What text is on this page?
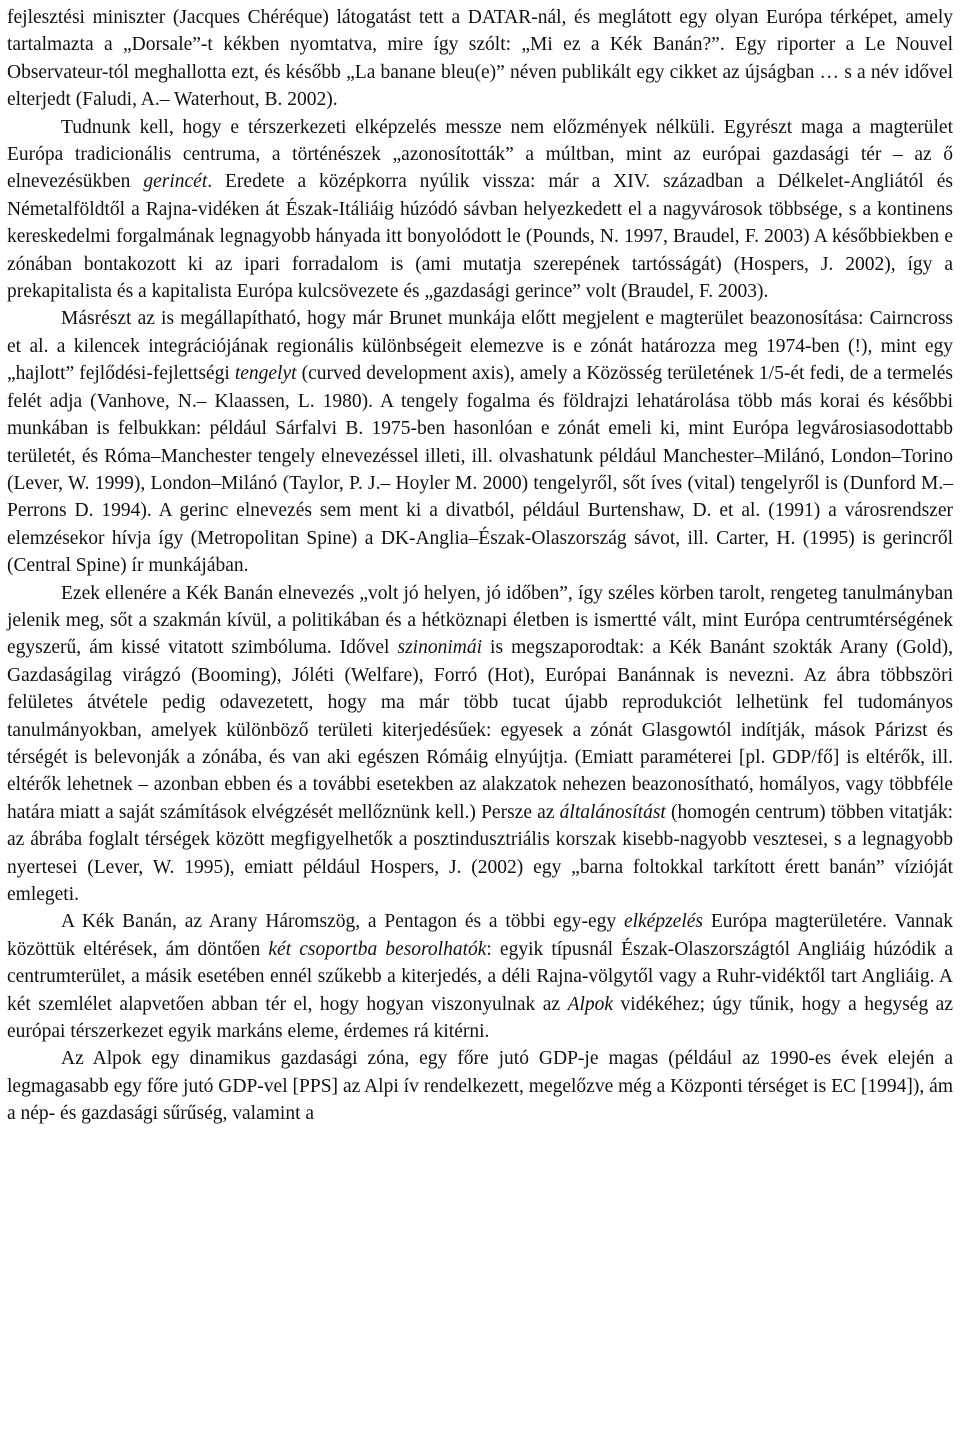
fejlesztési miniszter (Jacques Chéréque) látogatást tett a DATAR-nál, és meglátott egy olyan Európa térképet, amely tartalmazta a „Dorsale”-t kékben nyomtatva, mire így szólt: „Mi ez a Kék Banán?”. Egy riporter a Le Nouvel Observateur-tól meghallotta ezt, és később „La banane bleu(e)” néven publikált egy cikket az újságban … s a név idővel elterjedt (Faludi, A.– Waterhout, B. 2002).

Tudnunk kell, hogy e térszerkezeti elképzelés messze nem előzmények nélküli. Egyrészt maga a magterület Európa tradicionális centruma, a történészek „azonosították” a múltban, mint az európai gazdasági tér – az ő elnevezésükben gerincét. Eredete a középkorra nyúlik vissza: már a XIV. században a Délkelet-Angliától és Németalföldtől a Rajna-vidéken át Észak-Itáliáig húzódó sávban helyezkedett el a nagyvárosok többsége, s a kontinens kereskedelmi forgalmának legnagyobb hányada itt bonyolódott le (Pounds, N. 1997, Braudel, F. 2003) A későbbiekben e zónában bontakozott ki az ipari forradalom is (ami mutatja szerepének tartósságát) (Hospers, J. 2002), így a prekapitalista és a kapitalista Európa kulcsövezete és „gazdasági gerince” volt (Braudel, F. 2003).

Másrészt az is megállapítható, hogy már Brunet munkája előtt megjelent e magterület beazonosítása: Cairncross et al. a kilencek integrációjának regionális különbségeit elemezve is e zónát határozza meg 1974-ben (!), mint egy „hajlott” fejlődési-fejlettségi tengelyt (curved development axis), amely a Közösség területének 1/5-ét fedi, de a termelés felét adja (Vanhove, N.– Klaassen, L. 1980). A tengely fogalma és földrajzi lehatárolása több más korai és későbbi munkában is felbukkan: például Sárfalvi B. 1975-ben hasonlóan e zónát emeli ki, mint Európa legvárosiasodottabb területét, és Róma–Manchester tengely elnevezéssel illeti, ill. olvashatunk például Manchester–Milánó, London–Torino (Lever, W. 1999), London–Milánó (Taylor, P. J.– Hoyler M. 2000) tengelyről, sőt íves (vital) tengelyről is (Dunford M.– Perrons D. 1994). A gerinc elnevezés sem ment ki a divatból, például Burtenshaw, D. et al. (1991) a városrendszer elemzésekor hívja így (Metropolitan Spine) a DK-Anglia–Észak-Olaszország sávot, ill. Carter, H. (1995) is gerincről (Central Spine) ír munkájában.

Ezek ellenére a Kék Banán elnevezés „volt jó helyen, jó időben”, így széles körben tarolt, rengeteg tanulmányban jelenik meg, sőt a szakmán kívül, a politikában és a hétköznapi életben is ismertté vált, mint Európa centrumtérségének egyszerű, ám kissé vitatott szimbóluma. Idővel szinonimái is megszaporodtak: a Kék Banánt szokták Arany (Gold), Gazdaságilag virágzó (Booming), Jóléti (Welfare), Forró (Hot), Európai Banánnak is nevezni. Az ábra többszöri felületes átvétele pedig odavezetett, hogy ma már több tucat újabb reprodukciót lelhetünk fel tudományos tanulmányokban, amelyek különböző területi kiterjedésűek: egyesek a zónát Glasgowtól indítják, mások Párizst és térségét is belevonják a zónába, és van aki egészen Rómáig elnyújtja. (Emiatt paraméterei [pl. GDP/fő] is eltérők, ill. eltérők lehetnek – azonban ebben és a további esetekben az alakzatok nehezen beazonosítható, homályos, vagy többféle határa miatt a saját számítások elvégzését mellőznünk kell.) Persze az általánosítást (homogén centrum) többen vitatják: az ábrába foglalt térségek között megfigyelhetők a posztindusztriális korszak kisebb-nagyobb vesztesei, s a legnagyobb nyertesei (Lever, W. 1995), emiatt például Hospers, J. (2002) egy „barna foltokkal tarkított érett banán” vízióját emlegeti.

A Kék Banán, az Arany Háromszög, a Pentagon és a többi egy-egy elképzelés Európa magterületére. Vannak közöttük eltérések, ám döntően két csoportba besorolhatók: egyik típusnál Észak-Olaszországtól Angliáig húzódik a centrumterület, a másik esetében ennél szűkebb a kiterjedés, a déli Rajna-völgytől vagy a Ruhr-vidéktől tart Angliáig. A két szemlélet alapvetően abban tér el, hogy hogyan viszonyulnak az Alpok vidékéhez; úgy tűnik, hogy a hegység az európai térszerkezet egyik markáns eleme, érdemes rá kitérni.

Az Alpok egy dinamikus gazdasági zóna, egy főre jutó GDP-je magas (például az 1990-es évek elején a legmagasabb egy főre jutó GDP-vel [PPS] az Alpi ív rendelkezett, megelőzve még a Központi térséget is EC [1994]), ám a nép- és gazdasági sűrűség, valamint a
